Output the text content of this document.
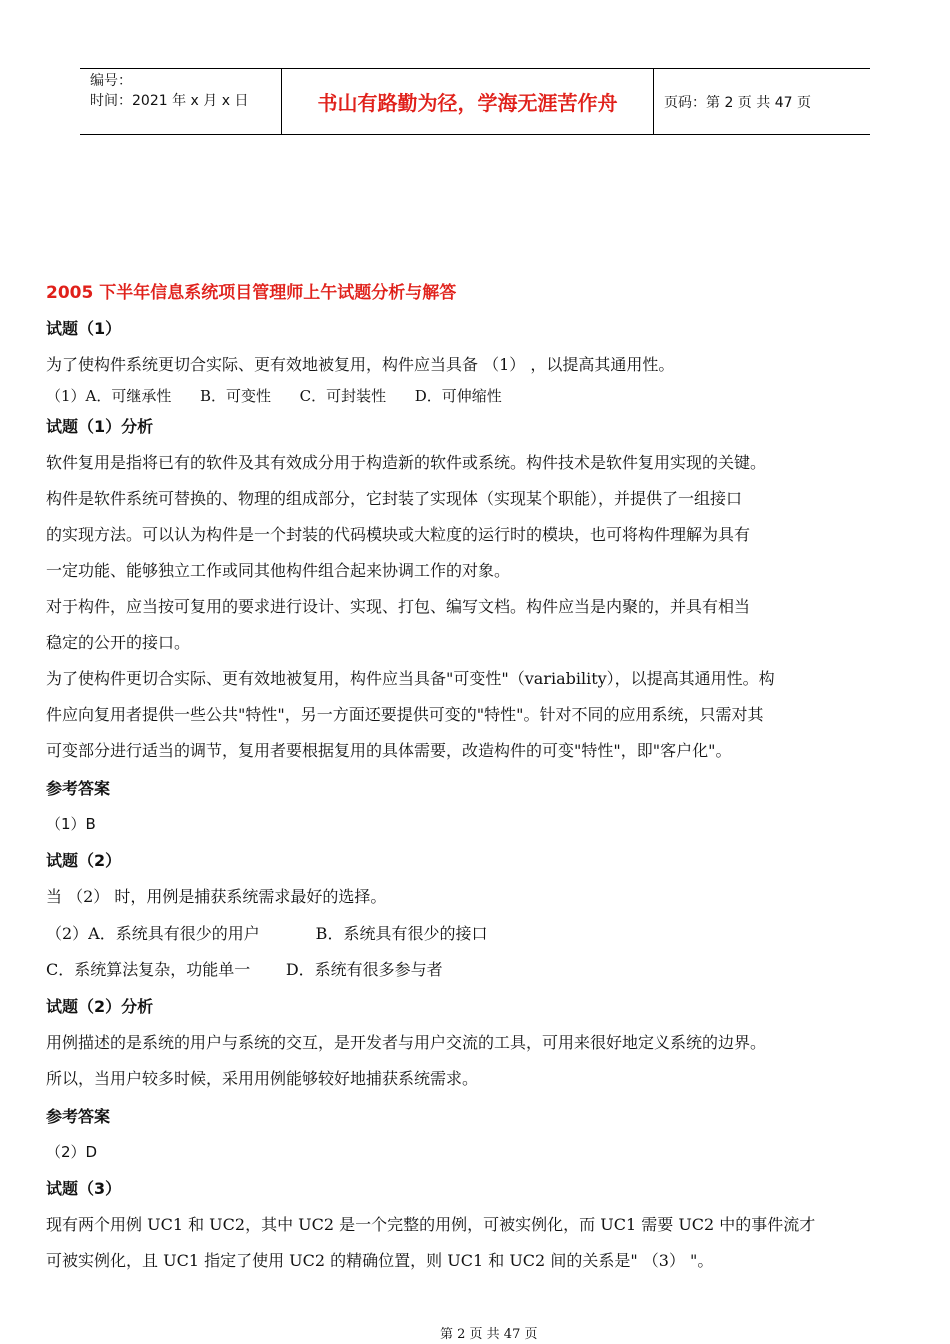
编号：
时间：2021 年 x 月 x 日	书山有路勤为径，学海无涯苦作舟	页码：第 2 页 共 47 页
2005 下半年信息系统项目管理师上午试题分析与解答
试题（1）

为了使构件系统更切合实际、更有效地被复用，构件应当具备 （1） ，以提高其通用性。

（1）A．可继承性      B．可变性      C．可封装性      D．可伸缩性
试题（1）分析

软件复用是指将已有的软件及其有效成分用于构造新的软件或系统。构件技术是软件复用实现的关键。

构件是软件系统可替换的、物理的组成部分，它封装了实现体（实现某个职能），并提供了一组接口

的实现方法。可以认为构件是一个封装的代码模块或大粒度的运行时的模块，也可将构件理解为具有

一定功能、能够独立工作或同其他构件组合起来协调工作的对象。

对于构件，应当按可复用的要求进行设计、实现、打包、编写文档。构件应当是内聚的，并具有相当

稳定的公开的接口。

为了使构件更切合实际、更有效地被复用，构件应当具备"可变性"（variability），以提高其通用性。构

件应向复用者提供一些公共"特性"，另一方面还要提供可变的"特性"。针对不同的应用系统，只需对其

可变部分进行适当的调节，复用者要根据复用的具体需要，改造构件的可变"特性"，即"客户化"。

参考答案

（1）B

试题（2）

当 （2） 时，用例是捕获系统需求最好的选择。

（2）A．系统具有很少的用户           B．系统具有很少的接口
C．系统算法复杂，功能单一       D．系统有很多参与者
试题（2）分析

用例描述的是系统的用户与系统的交互，是开发者与用户交流的工具，可用来很好地定义系统的边界。

所以，当用户较多时候，采用用例能够较好地捕获系统需求。

参考答案

（2）D

试题（3）

现有两个用例 UC1 和 UC2，其中 UC2 是一个完整的用例，可被实例化，而 UC1 需要 UC2 中的事件流才

可被实例化，且 UC1 指定了使用 UC2 的精确位置，则 UC1 和 UC2 间的关系是" （3） "。

第 2 页 共 47 页
